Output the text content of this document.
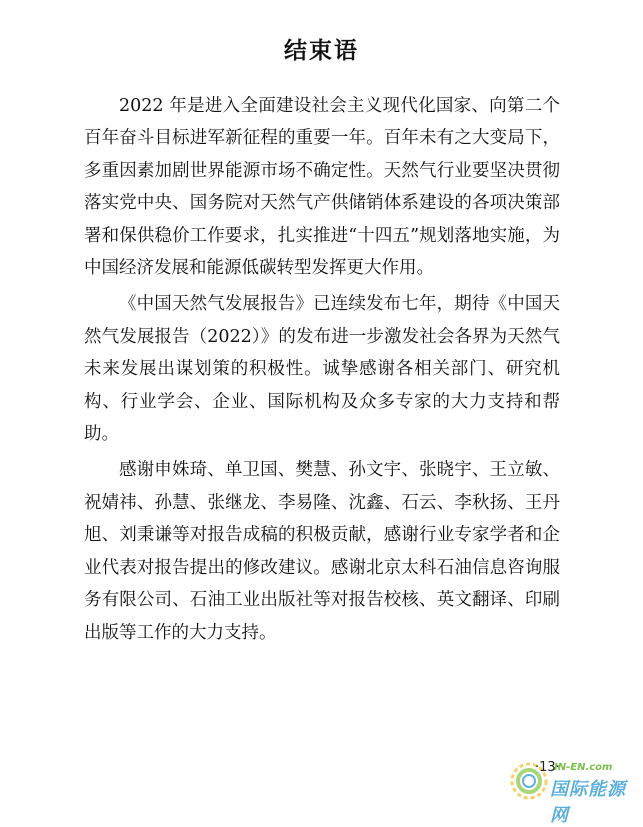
结束语

2022 年是进入全面建设社会主义现代化国家、向第二个百年奋斗目标进军新征程的重要一年。百年未有之大变局下，多重因素加剧世界能源市场不确定性。天然气行业要坚决贯彻落实党中央、国务院对天然气产供储销体系建设的各项决策部署和保供稳价工作要求，扎实推进“十四五”规划落地实施，为中国经济发展和能源低碳转型发挥更大作用。

《中国天然气发展报告》已连续发布七年，期待《中国天然气发展报告（2022）》的发布进一步激发社会各界为天然气未来发展出谋划策的积极性。诚挚感谢各相关部门、研究机构、行业学会、企业、国际机构及众多专家的大力支持和帮助。

感谢申姝琦、单卫国、樊慧、孙文宇、张晓宇、王立敏、祝婧祎、孙慧、张继龙、李易隆、沈鑫、石云、李秋扬、王丹旭、刘秉谦等对报告成稿的积极贡献，感谢行业专家学者和企业代表对报告提出的修改建议。感谢北京太科石油信息咨询服务有限公司、石油工业出版社等对报告校核、英文翻译、印刷出版等工作的大力支持。

IN-EN.com
国际能源网
·13·
